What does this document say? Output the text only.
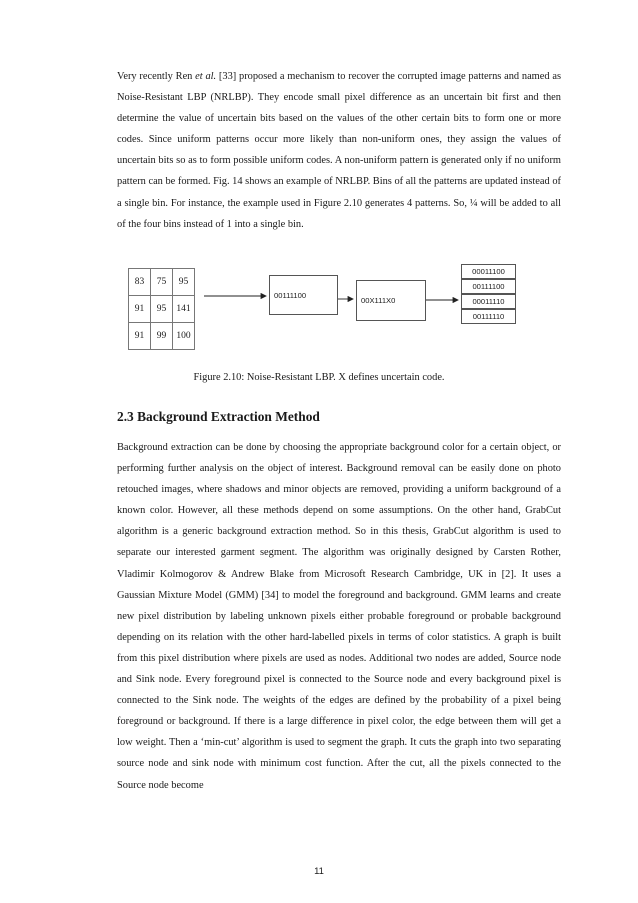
Very recently Ren et al. [33] proposed a mechanism to recover the corrupted image patterns and named as Noise-Resistant LBP (NRLBP). They encode small pixel difference as an uncertain bit first and then determine the value of uncertain bits based on the values of the other certain bits to form one or more codes. Since uniform patterns occur more likely than non-uniform ones, they assign the values of uncertain bits so as to form possible uniform codes. A non-uniform pattern is generated only if no uniform pattern can be formed. Fig. 14 shows an example of NRLBP. Bins of all the patterns are updated instead of a single bin. For instance, the example used in Figure 2.10 generates 4 patterns. So, ¼ will be added to all of the four bins instead of 1 into a single bin.

83	75	95
91	95	141
91	99	100
00111100
00X111X0
00011100
00111100
00011110
00111110

Figure 2.10: Noise-Resistant LBP. X defines uncertain code.

2.3 Background Extraction Method

Background extraction can be done by choosing the appropriate background color for a certain object, or performing further analysis on the object of interest. Background removal can be easily done on photo retouched images, where shadows and minor objects are removed, providing a uniform background of a known color. However, all these methods depend on some assumptions. On the other hand, GrabCut algorithm is a generic background extraction method. So in this thesis, GrabCut algorithm is used to separate our interested garment segment. The algorithm was originally designed by Carsten Rother, Vladimir Kolmogorov & Andrew Blake from Microsoft Research Cambridge, UK in [2]. It uses a Gaussian Mixture Model (GMM) [34] to model the foreground and background. GMM learns and create new pixel distribution by labeling unknown pixels either probable foreground or probable background depending on its relation with the other hard-labelled pixels in terms of color statistics. A graph is built from this pixel distribution where pixels are used as nodes. Additional two nodes are added, Source node and Sink node. Every foreground pixel is connected to the Source node and every background pixel is connected to the Sink node. The weights of the edges are defined by the probability of a pixel being foreground or background. If there is a large difference in pixel color, the edge between them will get a low weight. Then a ‘min-cut’ algorithm is used to segment the graph. It cuts the graph into two separating source node and sink node with minimum cost function. After the cut, all the pixels connected to the Source node become

11
